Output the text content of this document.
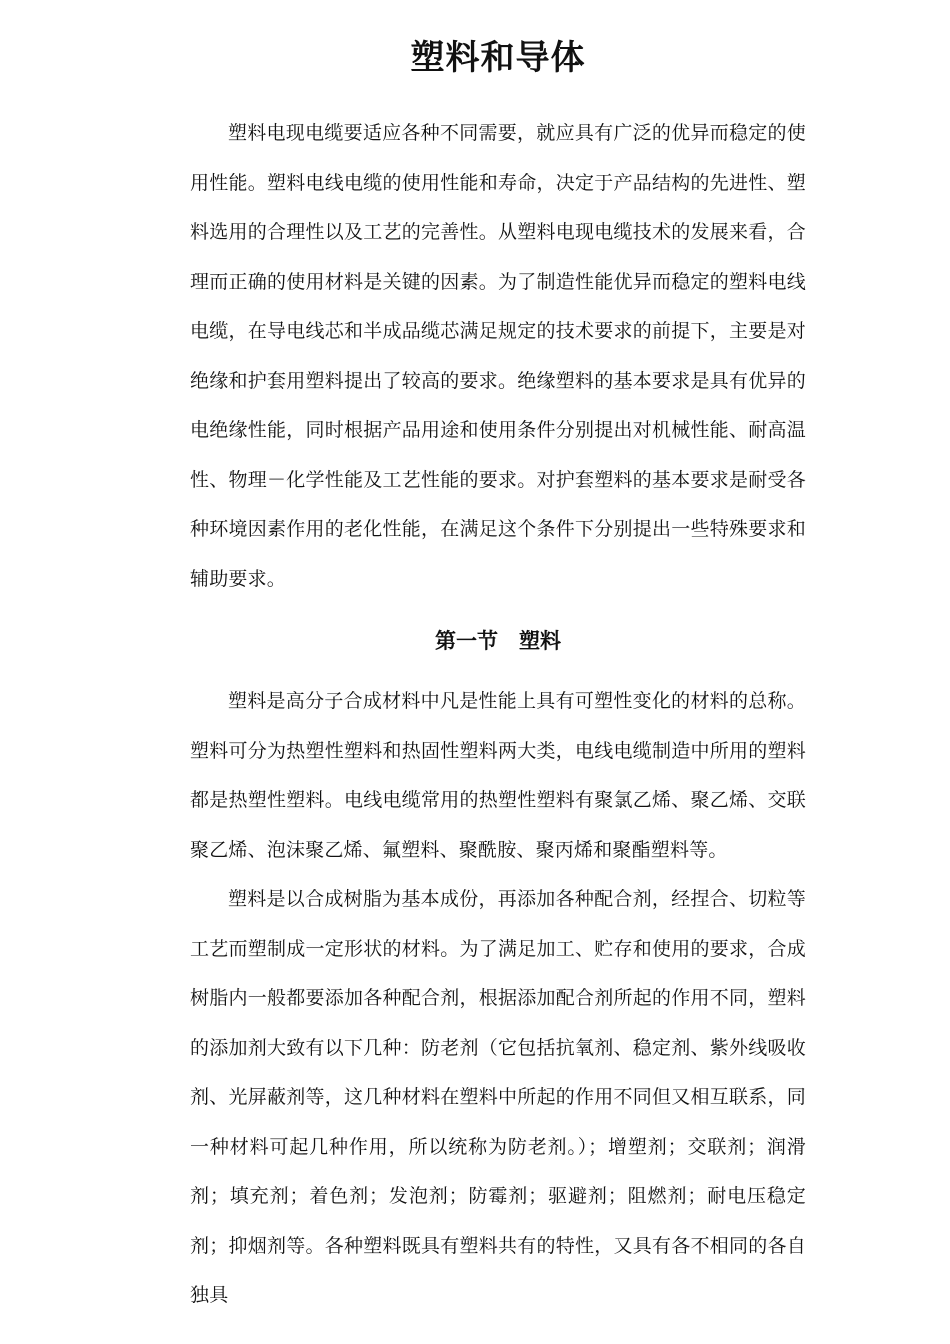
塑料和导体

塑料电现电缆要适应各种不同需要，就应具有广泛的优异而稳定的使用性能。塑料电线电缆的使用性能和寿命，决定于产品结构的先进性、塑料选用的合理性以及工艺的完善性。从塑料电现电缆技术的发展来看，合理而正确的使用材料是关键的因素。为了制造性能优异而稳定的塑料电线电缆，在导电线芯和半成品缆芯满足规定的技术要求的前提下，主要是对绝缘和护套用塑料提出了较高的要求。绝缘塑料的基本要求是具有优异的电绝缘性能，同时根据产品用途和使用条件分别提出对机械性能、耐高温性、物理－化学性能及工艺性能的要求。对护套塑料的基本要求是耐受各种环境因素作用的老化性能，在满足这个条件下分别提出一些特殊要求和辅助要求。

第一节　塑料

塑料是高分子合成材料中凡是性能上具有可塑性变化的材料的总称。塑料可分为热塑性塑料和热固性塑料两大类，电线电缆制造中所用的塑料都是热塑性塑料。电线电缆常用的热塑性塑料有聚氯乙烯、聚乙烯、交联聚乙烯、泡沫聚乙烯、氟塑料、聚酰胺、聚丙烯和聚酯塑料等。

塑料是以合成树脂为基本成份，再添加各种配合剂，经捏合、切粒等工艺而塑制成一定形状的材料。为了满足加工、贮存和使用的要求，合成树脂内一般都要添加各种配合剂，根据添加配合剂所起的作用不同，塑料的添加剂大致有以下几种：防老剂（它包括抗氧剂、稳定剂、紫外线吸收剂、光屏蔽剂等，这几种材料在塑料中所起的作用不同但又相互联系，同一种材料可起几种作用，所以统称为防老剂。）；增塑剂；交联剂；润滑剂；填充剂；着色剂；发泡剂；防霉剂；驱避剂；阻燃剂；耐电压稳定剂；抑烟剂等。各种塑料既具有塑料共有的特性，又具有各不相同的各自独具
